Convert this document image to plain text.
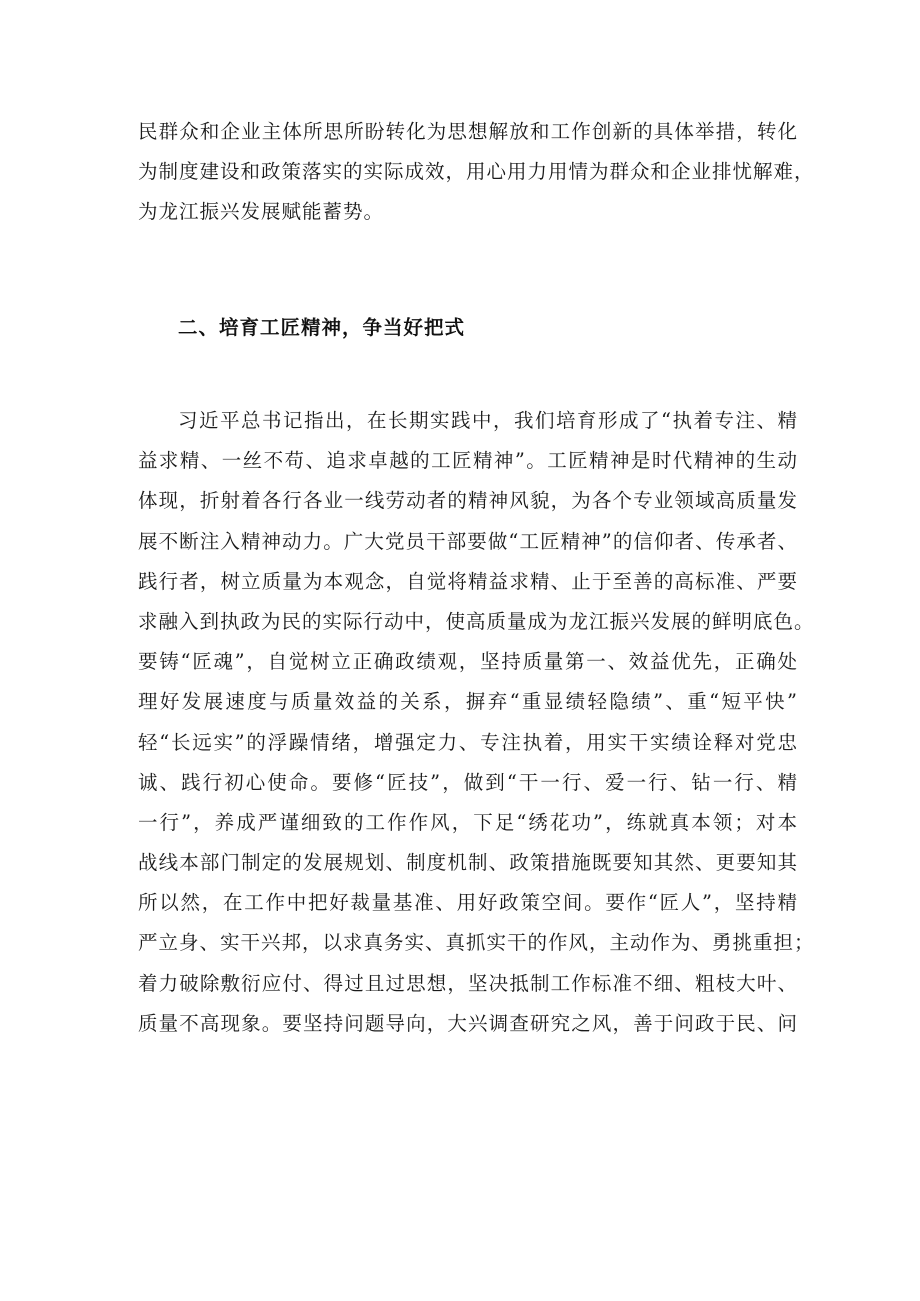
民群众和企业主体所思所盼转化为思想解放和工作创新的具体举措，转化
为制度建设和政策落实的实际成效，用心用力用情为群众和企业排忧解难，
为龙江振兴发展赋能蓄势。
二、培育工匠精神，争当好把式
习近平总书记指出，在长期实践中，我们培育形成了“执着专注、精
益求精、一丝不苟、追求卓越的工匠精神”。工匠精神是时代精神的生动
体现，折射着各行各业一线劳动者的精神风貌，为各个专业领域高质量发
展不断注入精神动力。广大党员干部要做“工匠精神”的信仰者、传承者、
践行者，树立质量为本观念，自觉将精益求精、止于至善的高标准、严要
求融入到执政为民的实际行动中，使高质量成为龙江振兴发展的鲜明底色。
要铸“匠魂”，自觉树立正确政绩观，坚持质量第一、效益优先，正确处
理好发展速度与质量效益的关系，摒弃“重显绩轻隐绩”、重“短平快”
轻“长远实”的浮躁情绪，增强定力、专注执着，用实干实绩诠释对党忠
诚、践行初心使命。要修“匠技”，做到“干一行、爱一行、钻一行、精
一行”，养成严谨细致的工作作风，下足“绣花功”，练就真本领；对本
战线本部门制定的发展规划、制度机制、政策措施既要知其然、更要知其
所以然，在工作中把好裁量基准、用好政策空间。要作“匠人”，坚持精
严立身、实干兴邦，以求真务实、真抓实干的作风，主动作为、勇挑重担；
着力破除敷衍应付、得过且过思想，坚决抵制工作标准不细、粗枝大叶、
质量不高现象。要坚持问题导向，大兴调查研究之风，善于问政于民、问
